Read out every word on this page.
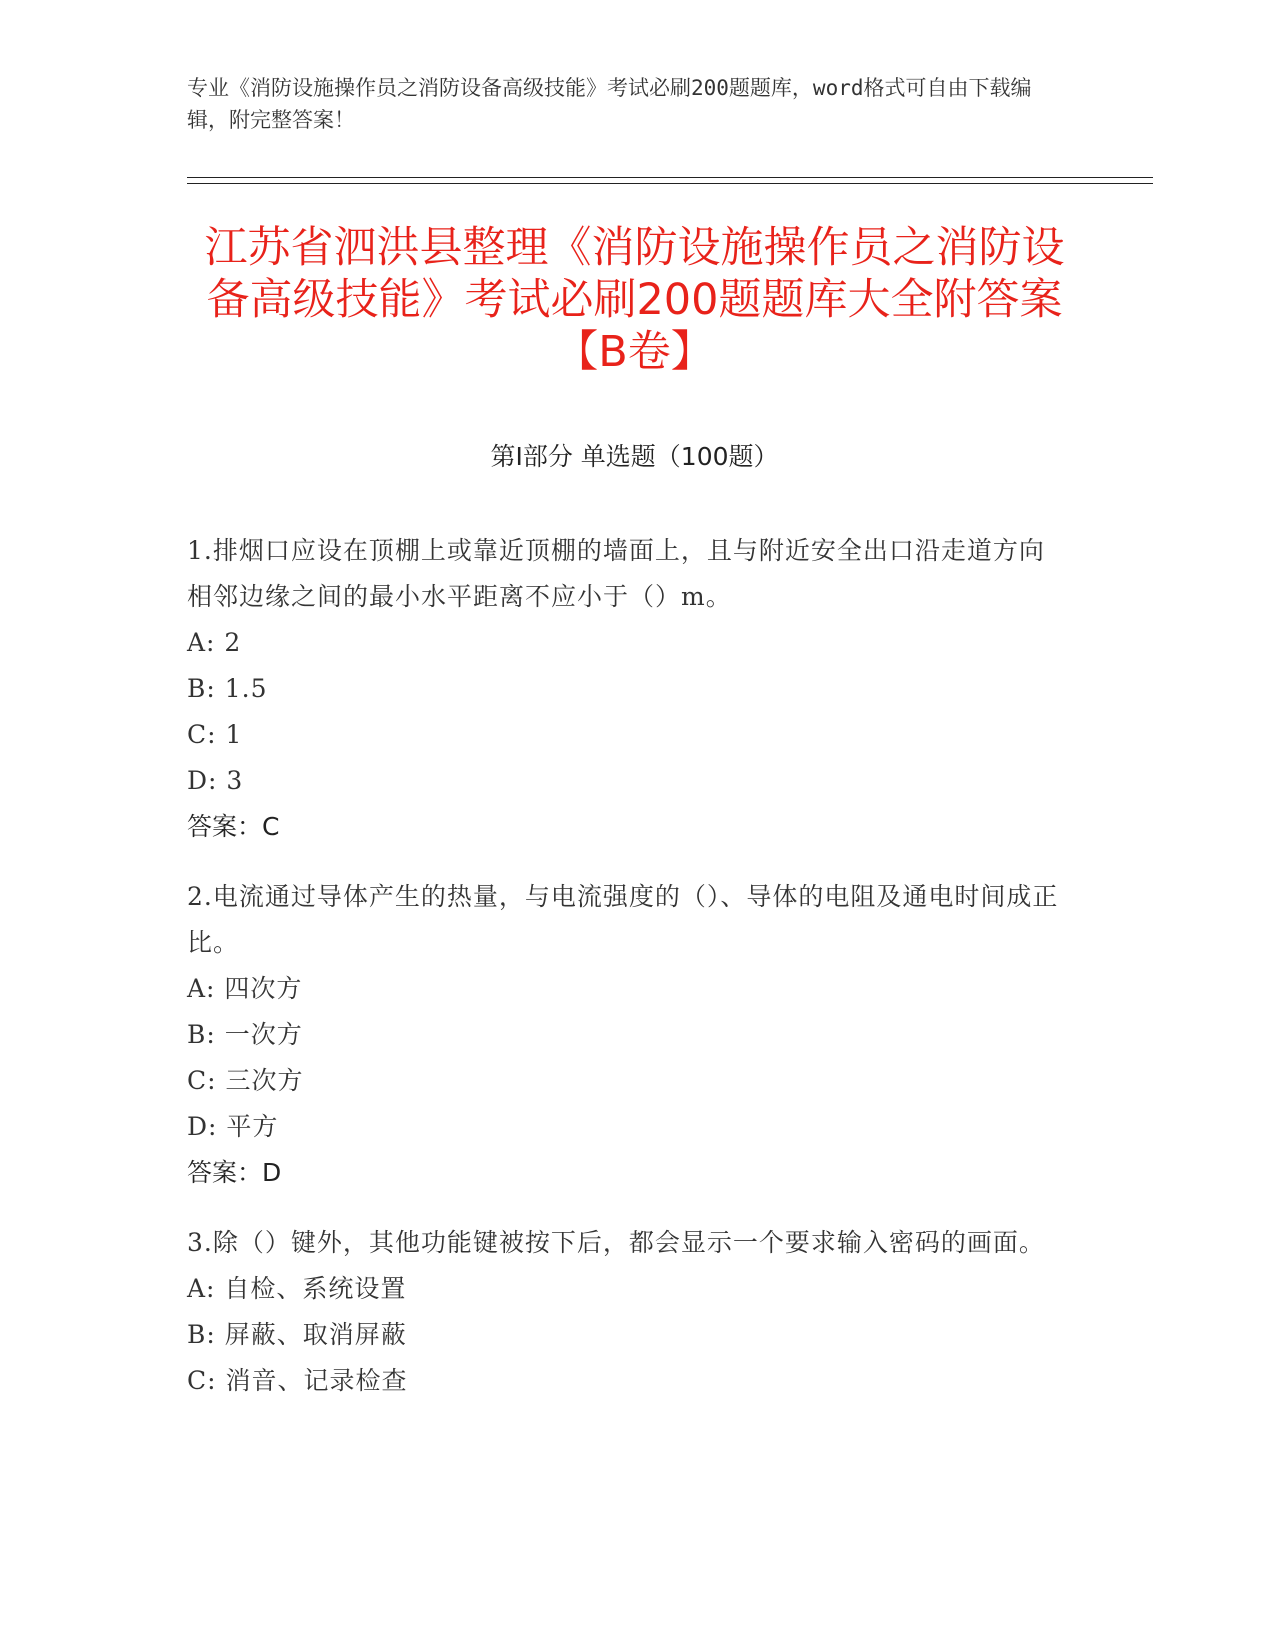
专业《消防设施操作员之消防设备高级技能》考试必刷200题题库，word格式可自由下载编辑，附完整答案！
江苏省泗洪县整理《消防设施操作员之消防设备高级技能》考试必刷200题题库大全附答案【B卷】
第I部分 单选题（100题）
1.排烟口应设在顶棚上或靠近顶棚的墙面上，且与附近安全出口沿走道方向相邻边缘之间的最小水平距离不应小于（）m。
A: 2
B: 1.5
C: 1
D: 3
答案：C
2.电流通过导体产生的热量，与电流强度的（）、导体的电阻及通电时间成正比。
A: 四次方
B: 一次方
C: 三次方
D: 平方
答案：D
3.除（）键外，其他功能键被按下后，都会显示一个要求输入密码的画面。
A: 自检、系统设置
B: 屏蔽、取消屏蔽
C: 消音、记录检查
